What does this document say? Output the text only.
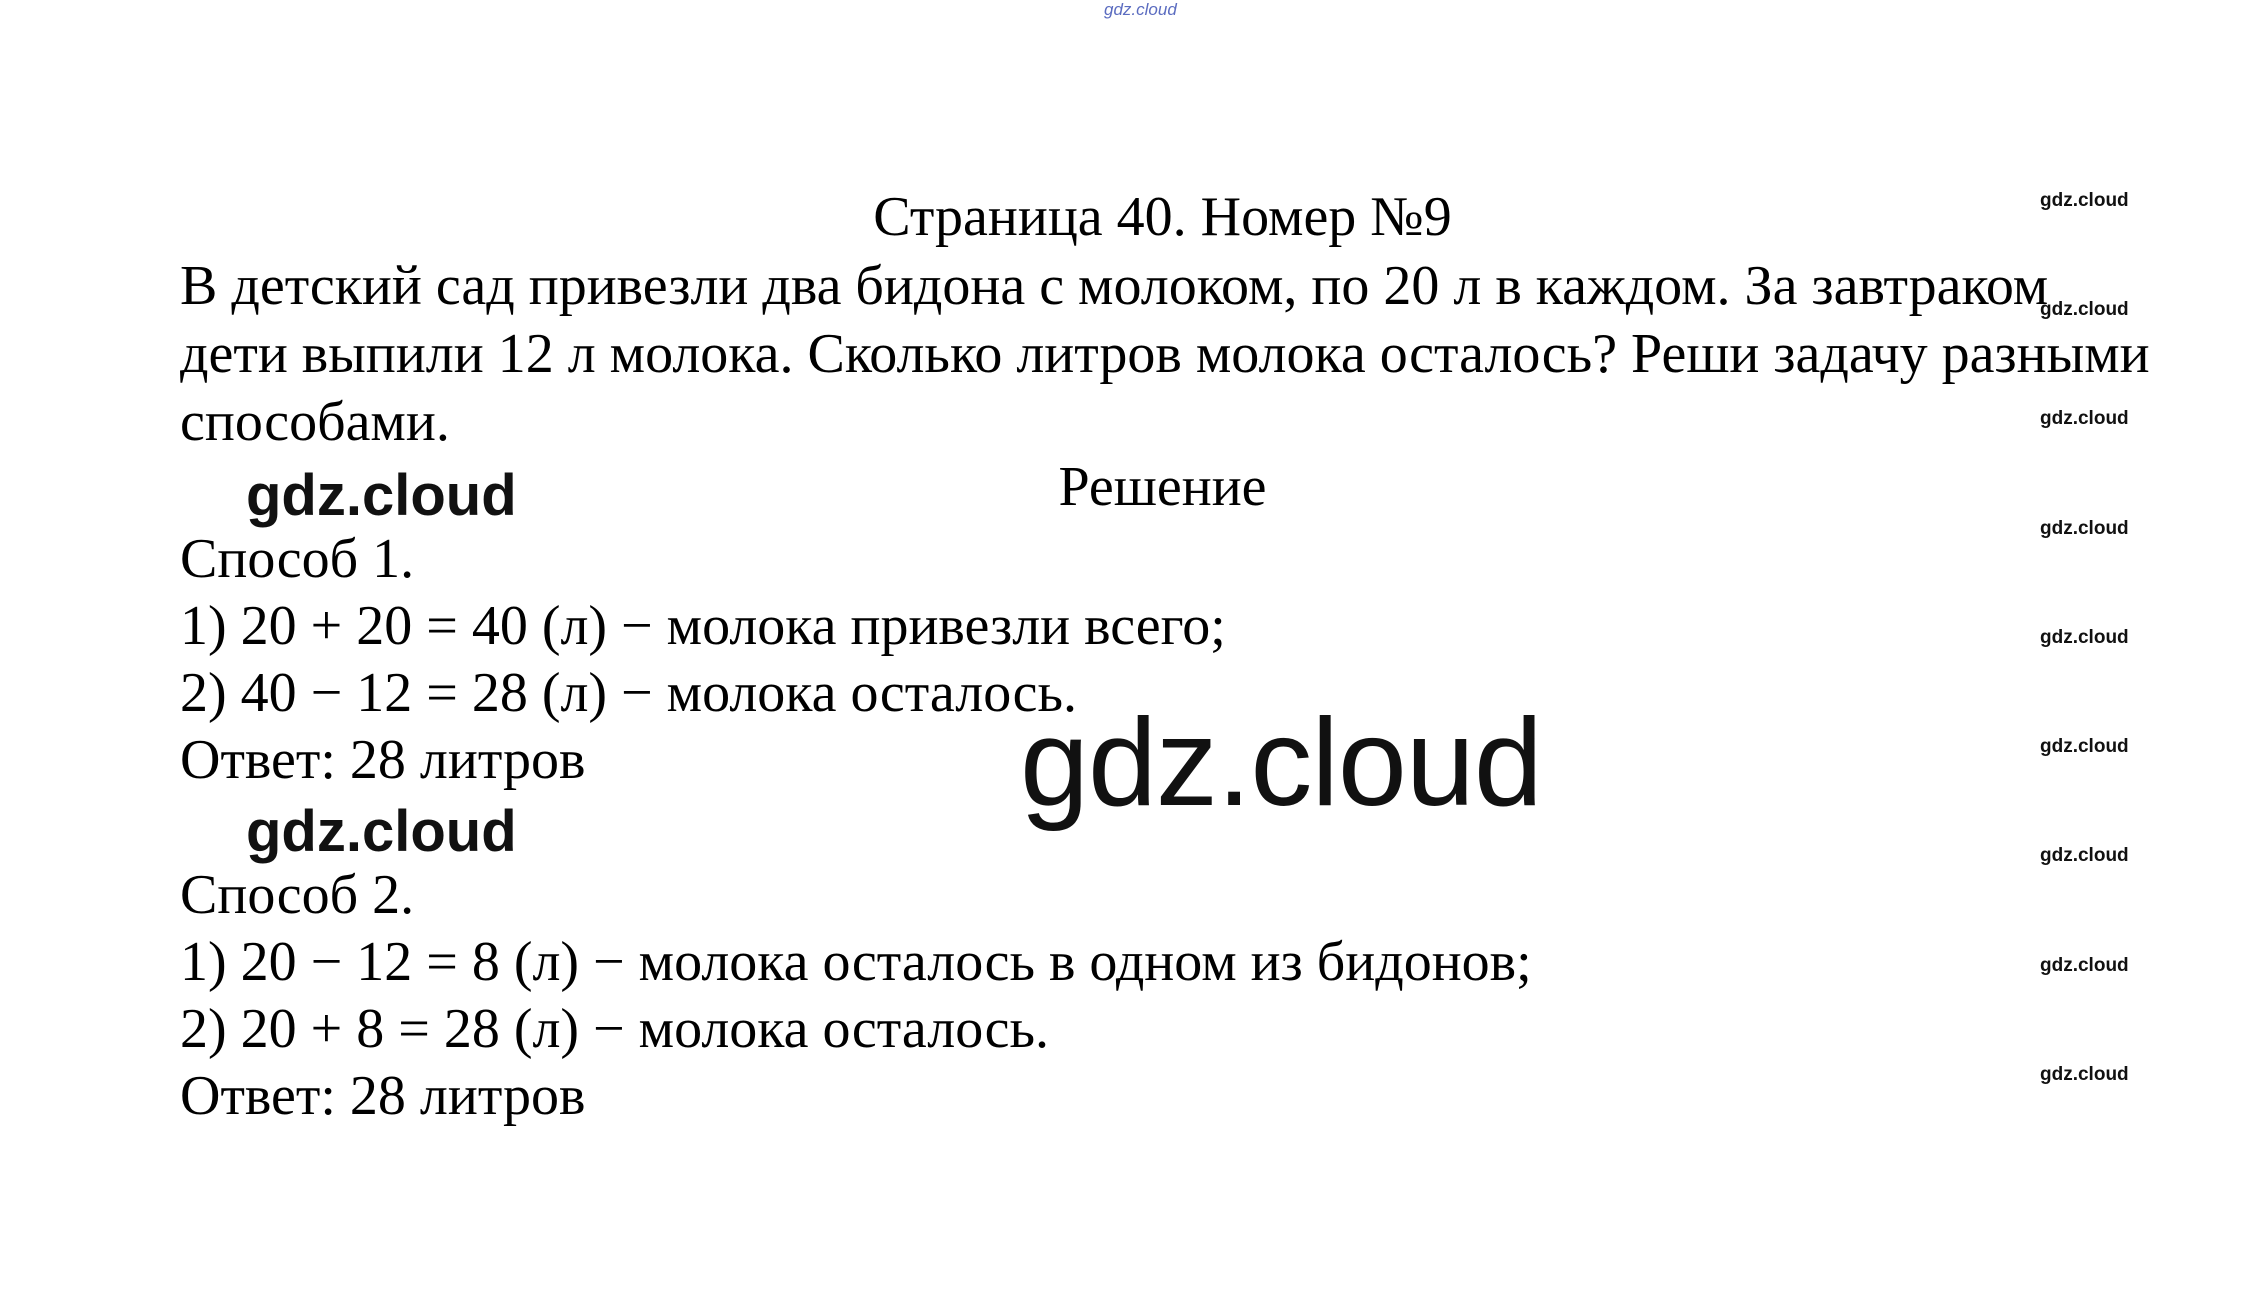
gdz.cloud
Страница 40. Номер №9
В детский сад привезли два бидона с молоком, по 20 л в каждом. За завтраком дети выпили 12 л молока. Сколько литров молока осталось? Реши задачу разными способами.
gdz.cloud	Решение
Способ 1.
1) 20 + 20 = 40 (л) − молока привезли всего;
2) 40 − 12 = 28 (л) − молока осталось.
Ответ: 28 литров	gdz.cloud
gdz.cloud
Способ 2.
1) 20 − 12 = 8 (л) − молока осталось в одном из бидонов;
2) 20 + 8 = 28 (л) − молока осталось.
Ответ: 28 литров
gdz.cloud
gdz.cloud
gdz.cloud
gdz.cloud
gdz.cloud
gdz.cloud
gdz.cloud
gdz.cloud
gdz.cloud
